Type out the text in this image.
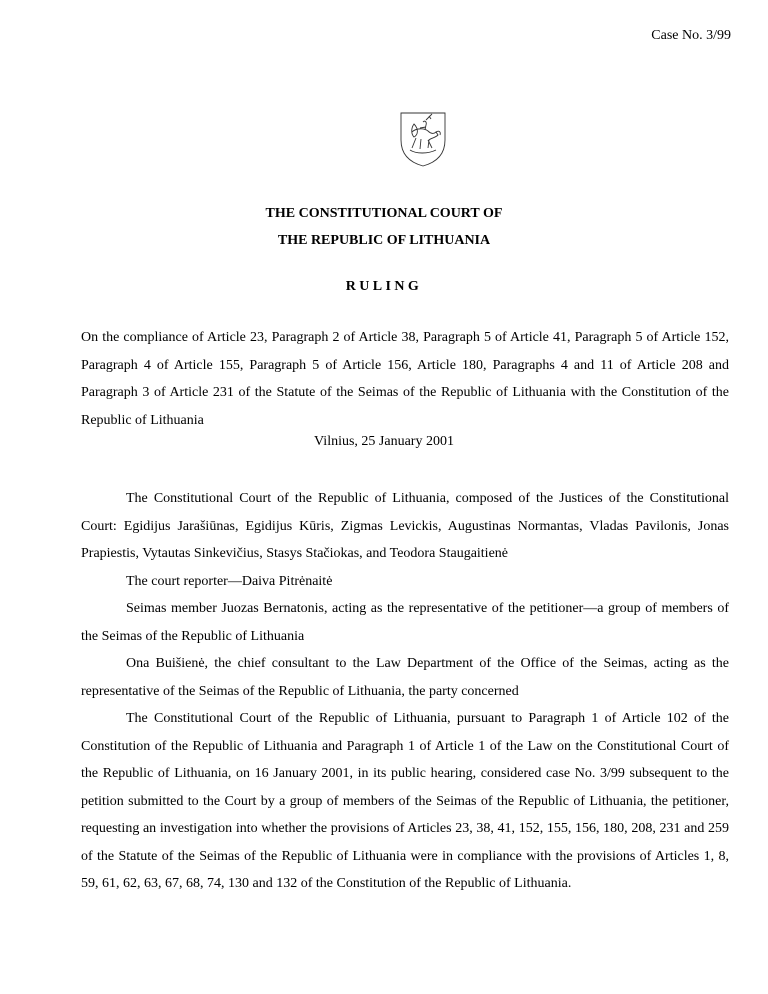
Case No. 3/99
THE CONSTITUTIONAL COURT OF
THE REPUBLIC OF LITHUANIA
RULING
On the compliance of Article 23, Paragraph 2 of Article 38, Paragraph 5 of Article 41, Paragraph 5 of Article 152, Paragraph 4 of Article 155, Paragraph 5 of Article 156, Article 180, Paragraphs 4 and 11 of Article 208 and Paragraph 3 of Article 231 of the Statute of the Seimas of the Republic of Lithuania with the Constitution of the Republic of Lithuania
Vilnius, 25 January 2001

The Constitutional Court of the Republic of Lithuania, composed of the Justices of the Constitutional Court: Egidijus Jarašiūnas, Egidijus Kūris, Zigmas Levickis, Augustinas Normantas, Vladas Pavilonis, Jonas Prapiestis, Vytautas Sinkevičius, Stasys Stačiokas, and Teodora Staugaitienė

The court reporter—Daiva Pitrėnaitė

Seimas member Juozas Bernatonis, acting as the representative of the petitioner—a group of members of the Seimas of the Republic of Lithuania

Ona Buišienė, the chief consultant to the Law Department of the Office of the Seimas, acting as the representative of the Seimas of the Republic of Lithuania, the party concerned

The Constitutional Court of the Republic of Lithuania, pursuant to Paragraph 1 of Article 102 of the Constitution of the Republic of Lithuania and Paragraph 1 of Article 1 of the Law on the Constitutional Court of the Republic of Lithuania, on 16 January 2001, in its public hearing, considered case No. 3/99 subsequent to the petition submitted to the Court by a group of members of the Seimas of the Republic of Lithuania, the petitioner, requesting an investigation into whether the provisions of Articles 23, 38, 41, 152, 155, 156, 180, 208, 231 and 259 of the Statute of the Seimas of the Republic of Lithuania were in compliance with the provisions of Articles 1, 8, 59, 61, 62, 63, 67, 68, 74, 130 and 132 of the Constitution of the Republic of Lithuania.
